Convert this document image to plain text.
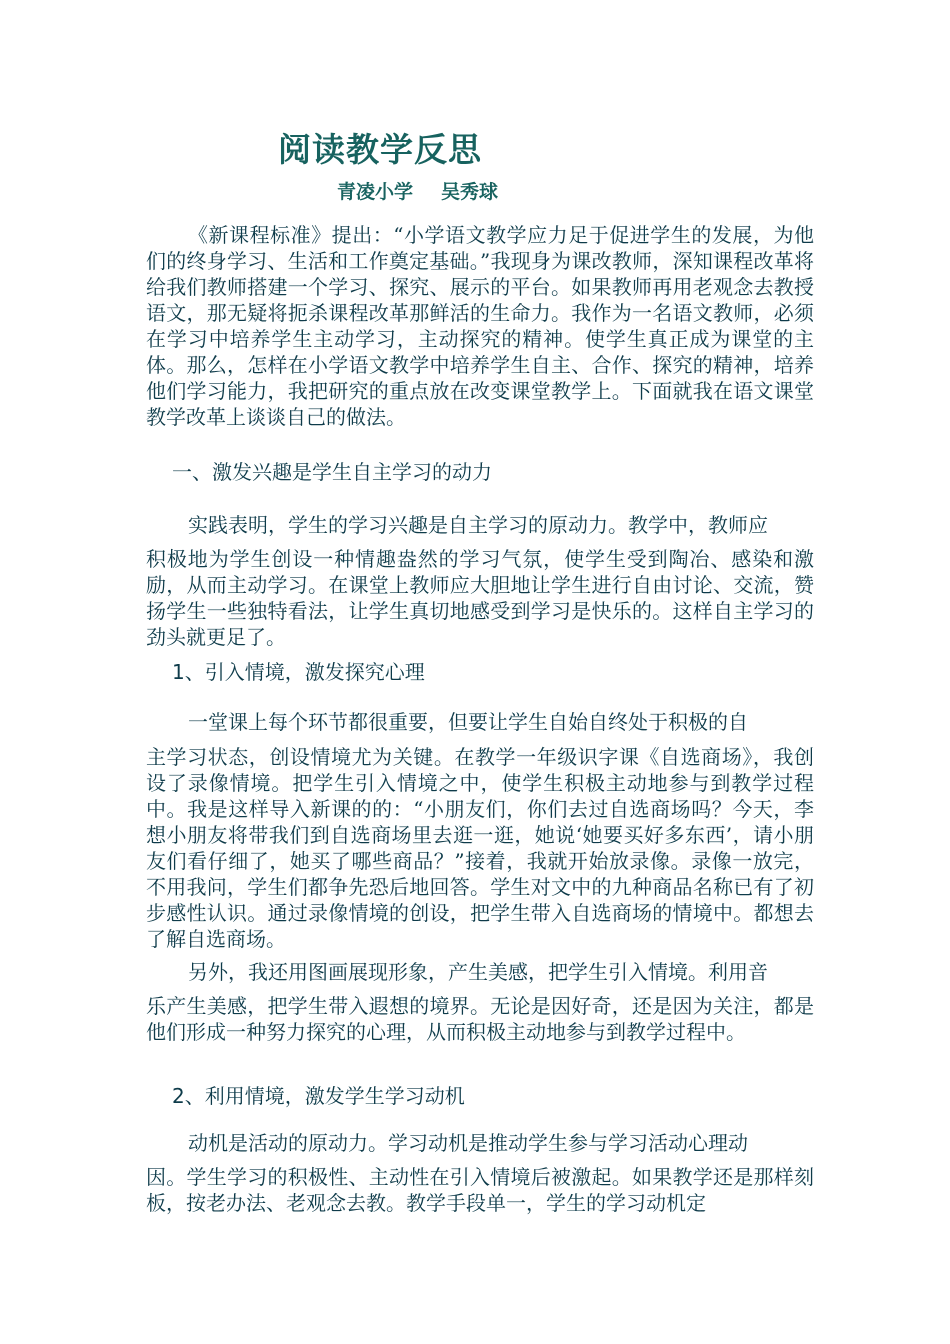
阅读教学反思
青凌小学 吴秀球

《新课程标准》提出：“小学语文教学应力足于促进学生的发展，为他们的终身学习、生活和工作奠定基础。”我现身为课改教师，深知课程改革将给我们教师搭建一个学习、探究、展示的平台。如果教师再用老观念去教授语文，那无疑将扼杀课程改革那鲜活的生命力。我作为一名语文教师，必须在学习中培养学生主动学习，主动探究的精神。使学生真正成为课堂的主体。那么，怎样在小学语文教学中培养学生自主、合作、探究的精神，培养他们学习能力，我把研究的重点放在改变课堂教学上。下面就我在语文课堂教学改革上谈谈自己的做法。

一、激发兴趣是学生自主学习的动力

实践表明，学生的学习兴趣是自主学习的原动力。教学中，教师应

积极地为学生创设一种情趣盎然的学习气氛，使学生受到陶冶、感染和激励，从而主动学习。在课堂上教师应大胆地让学生进行自由讨论、交流，赞扬学生一些独特看法，让学生真切地感受到学习是快乐的。这样自主学习的劲头就更足了。

1、引入情境，激发探究心理

一堂课上每个环节都很重要，但要让学生自始自终处于积极的自

主学习状态，创设情境尤为关键。在教学一年级识字课《自选商场》，我创设了录像情境。把学生引入情境之中，使学生积极主动地参与到教学过程中。我是这样导入新课的的：“小朋友们，你们去过自选商场吗？今天，李想小朋友将带我们到自选商场里去逛一逛，她说‘她要买好多东西’，请小朋友们看仔细了，她买了哪些商品？”接着，我就开始放录像。录像一放完，不用我问，学生们都争先恐后地回答。学生对文中的九种商品名称已有了初步感性认识。通过录像情境的创设，把学生带入自选商场的情境中。都想去了解自选商场。

另外，我还用图画展现形象，产生美感，把学生引入情境。利用音

乐产生美感，把学生带入遐想的境界。无论是因好奇，还是因为关注，都是他们形成一种努力探究的心理，从而积极主动地参与到教学过程中。

2、利用情境，激发学生学习动机

动机是活动的原动力。学习动机是推动学生参与学习活动心理动

因。学生学习的积极性、主动性在引入情境后被激起。如果教学还是那样刻板，按老办法、老观念去教。教学手段单一，学生的学习动机定
